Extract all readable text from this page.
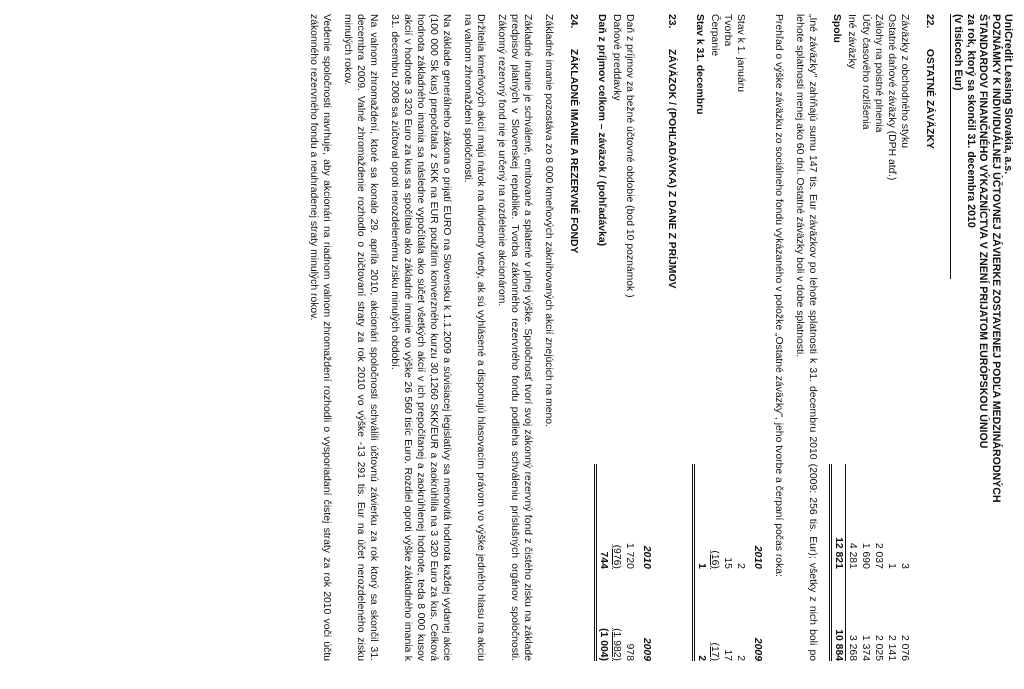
UniCredit Leasing Slovakia, a.s.
POZNÁMKY K INDIVIDUÁLNEJ ÚČTOVNEJ ZÁVIERKE ZOSTAVENEJ PODĽA MEDZINÁRODNÝCH
ŠTANDARDOV FINANČNÉHO VÝKAZNÍCTVA V ZNENÍ PRIJATOM EURÓPSKOU ÚNIOU
za rok, ktorý sa skončil 31. decembra 2010
(v tisícoch Eur)
22. OSTATNÉ ZÁVÄZKY
Záväzky z obchodného styku	3	2 076
Ostatné daňové záväzky (DPH atď.)	1	2 141
Zálohy na poistné plnenia	2 037	2 025
Účty časového rozlíšenia	1 690	1 374
Iné záväzky	4 281	3 268
Spolu	12 821	10 884

„Iné záväzky" zahŕňajú sumu 147 tis. Eur záväzkov po lehote splatnosti k 31. decembru 2010 (2009: 256 tis. Eur); všetky z nich boli po lehote splatnosti menej ako 60 dní. Ostatné záväzky boli v dobe splatnosti.

Prehľad o výške záväzku zo sociálneho fondu vykázaného v položke „Ostatné záväzky", jeho tvorbe a čerpaní počas roka:

	2010	2009
Stav k 1. januáru	2	2
Tvorba	15	17
Čerpanie	(16)	(17)
Stav k 31. decembru	1	2
23. ZÁVÄZOK / (POHĽADÁVKA) Z DANE Z PRÍJMOV
	2010	2009
Daň z príjmov za bežné účtovné obdobie (bod 10 poznámok )	1 720	978
Daňové preddavky	(976)	(1 982)
Daň z príjmov celkom – záväzok / (pohľadávka)	744	(1 004)
24. ZÁKLADNÉ IMANIE A REZERVNÉ FONDY

Základné imanie pozostáva zo 8 000 kmeňových zaknihovaných akcií znejúcich na meno.

Základné imanie je schválené, emitované a splatené v plnej výške. Spoločnosť tvorí svoj zákonný rezervný fond z čistého zisku na základe predpisov platných v Slovenskej republike. Tvorba zákonného rezervného fondu podlieha schváleniu príslušných orgánov spoločnosti. Zákonný rezervný fond nie je určený na rozdelenie akcionárom.

Držitelia kmeňových akcií majú nárok na dividendy vtedy, ak sú vyhlásené a disponujú hlasovacím právom vo výške jedného hlasu na akciu na valnom zhromaždení spoločnosti.

Na základe generálneho zákona o prijatí EURO na Slovensku k 1.1.2009 a súvisiacej legislatívy sa menovitá hodnota každej vydanej akcie (100 000 Sk kus) prepočítala z SKK na EUR použitím konverzného kurzu 30,1260 SKK/EUR a zaokrúhlila na 3 320 Euro za kus. Celková hodnota základného imania sa následne vypočítala ako súčet všetkých akcií v ich prepočítanej a zaokrúhlenej hodnote, teda 8 000 kusov akcií v hodnote 3 320 Euro za kus sa spočítalo ako základné imanie vo výške 26 560 tisíc Euro. Rozdiel oproti výške základného imania k 31. decembru 2008 sa zúčtoval oproti nerozdelenému zisku minulých období.

Na valnom zhromaždení, ktoré sa konalo 29. apríla 2010, akcionári spoločnosti schválili účtovnú závierku za rok ktorý sa skončil 31. decembra 2009. Valné zhromaždenie rozhodlo o zúčtovaní straty za rok 2010 vo výške -13 291 tis. Eur na účet nerozdeleného zisku minulých rokov.

Vedenie spoločnosti navrhuje, aby akcionári na riadnom valnom zhromaždení rozhodli o vysporiadaní čistej straty za rok 2010 voči účtu zákonného rezervného fondu a neuhradenej straty minulých rokov.
